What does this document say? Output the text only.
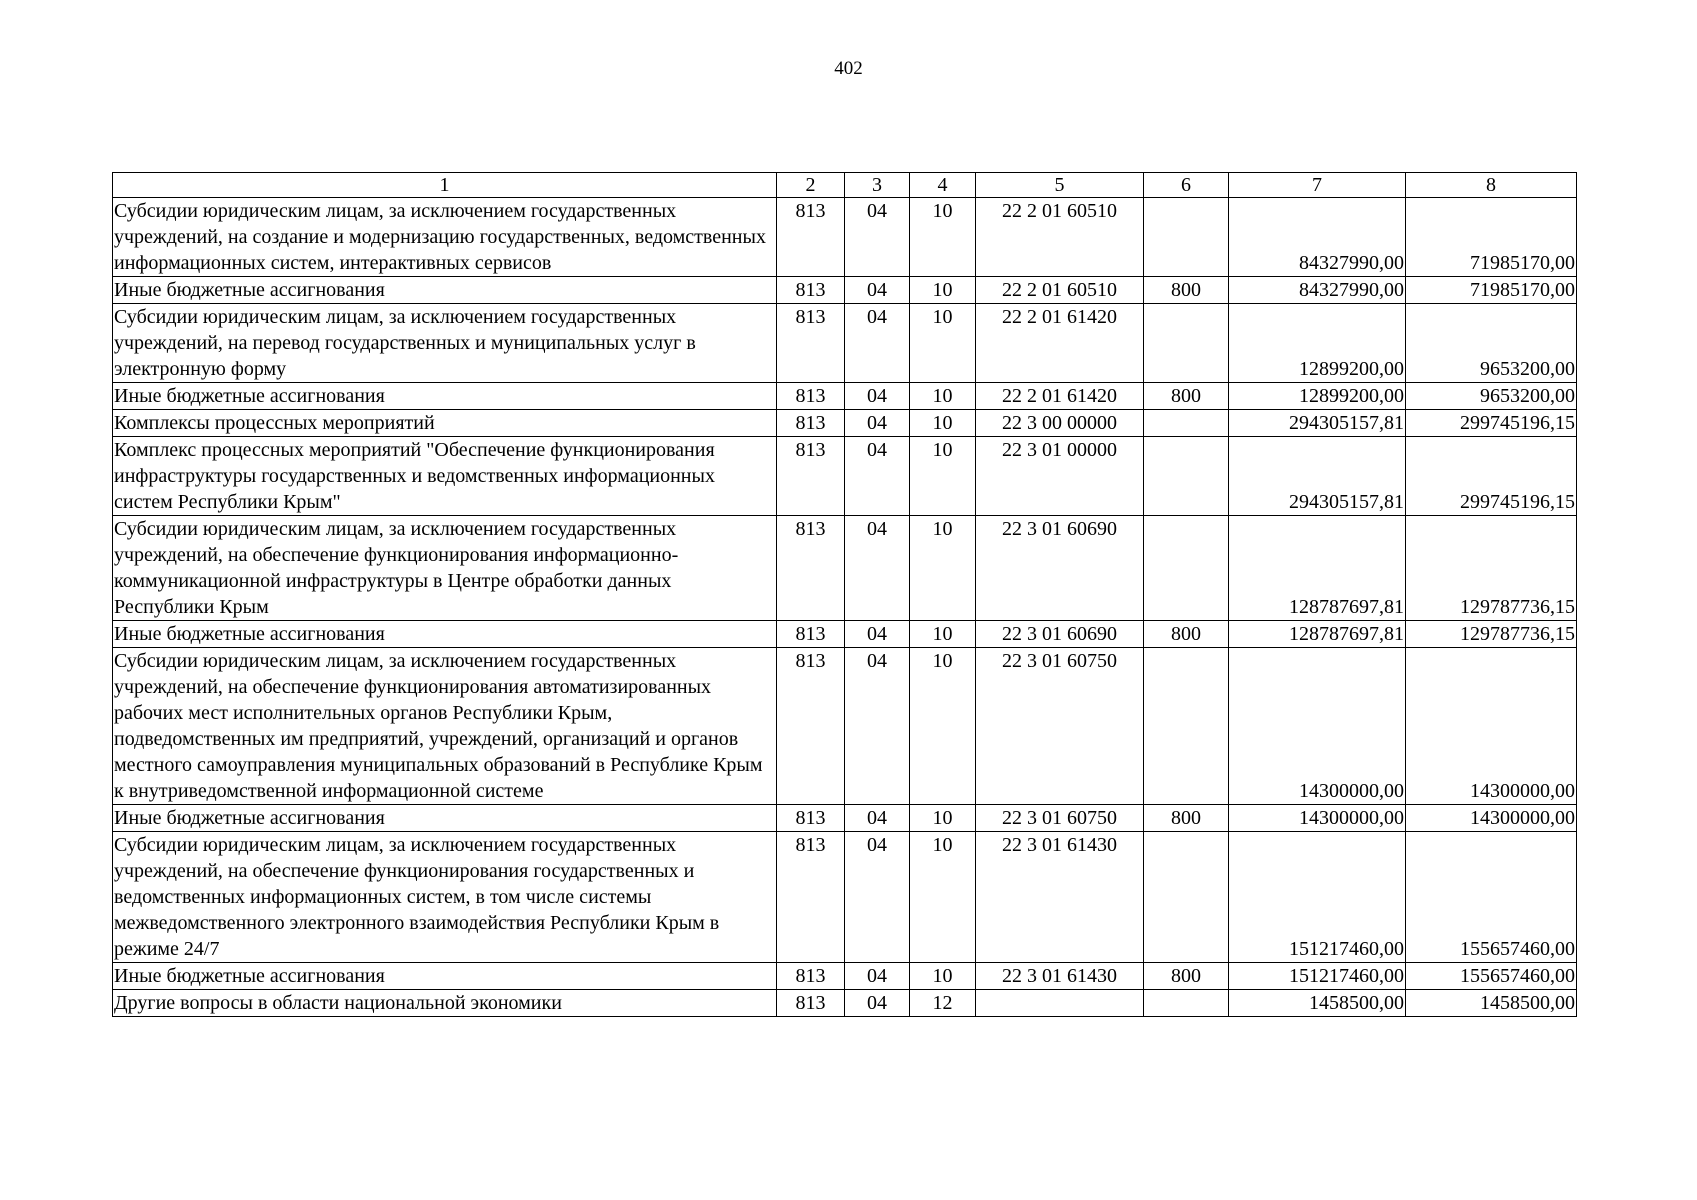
402
1	2	3	4	5	6	7	8
Субсидии юридическим лицам, за исключением государственных учреждений, на создание и модернизацию государственных, ведомственных информационных систем, интерактивных сервисов	813	04	10	22 2 01 60510		84327990,00	71985170,00
Иные бюджетные ассигнования	813	04	10	22 2 01 60510	800	84327990,00	71985170,00
Субсидии юридическим лицам, за исключением государственных учреждений, на перевод государственных и муниципальных услуг в электронную форму	813	04	10	22 2 01 61420		12899200,00	9653200,00
Иные бюджетные ассигнования	813	04	10	22 2 01 61420	800	12899200,00	9653200,00
Комплексы процессных мероприятий	813	04	10	22 3 00 00000		294305157,81	299745196,15
Комплекс процессных мероприятий "Обеспечение функционирования инфраструктуры государственных и ведомственных информационных систем Республики Крым"	813	04	10	22 3 01 00000		294305157,81	299745196,15
Субсидии юридическим лицам, за исключением государственных учреждений, на обеспечение функционирования информационно-коммуникационной инфраструктуры в Центре обработки данных Республики Крым	813	04	10	22 3 01 60690		128787697,81	129787736,15
Иные бюджетные ассигнования	813	04	10	22 3 01 60690	800	128787697,81	129787736,15
Субсидии юридическим лицам, за исключением государственных учреждений, на обеспечение функционирования автоматизированных рабочих мест исполнительных органов Республики Крым, подведомственных им предприятий, учреждений, организаций и органов местного самоуправления муниципальных образований в Республике Крым к внутриведомственной информационной системе	813	04	10	22 3 01 60750		14300000,00	14300000,00
Иные бюджетные ассигнования	813	04	10	22 3 01 60750	800	14300000,00	14300000,00
Субсидии юридическим лицам, за исключением государственных учреждений, на обеспечение функционирования государственных и ведомственных информационных систем, в том числе системы межведомственного электронного взаимодействия Республики Крым в режиме 24/7	813	04	10	22 3 01 61430		151217460,00	155657460,00
Иные бюджетные ассигнования	813	04	10	22 3 01 61430	800	151217460,00	155657460,00
Другие вопросы в области национальной экономики	813	04	12			1458500,00	1458500,00
